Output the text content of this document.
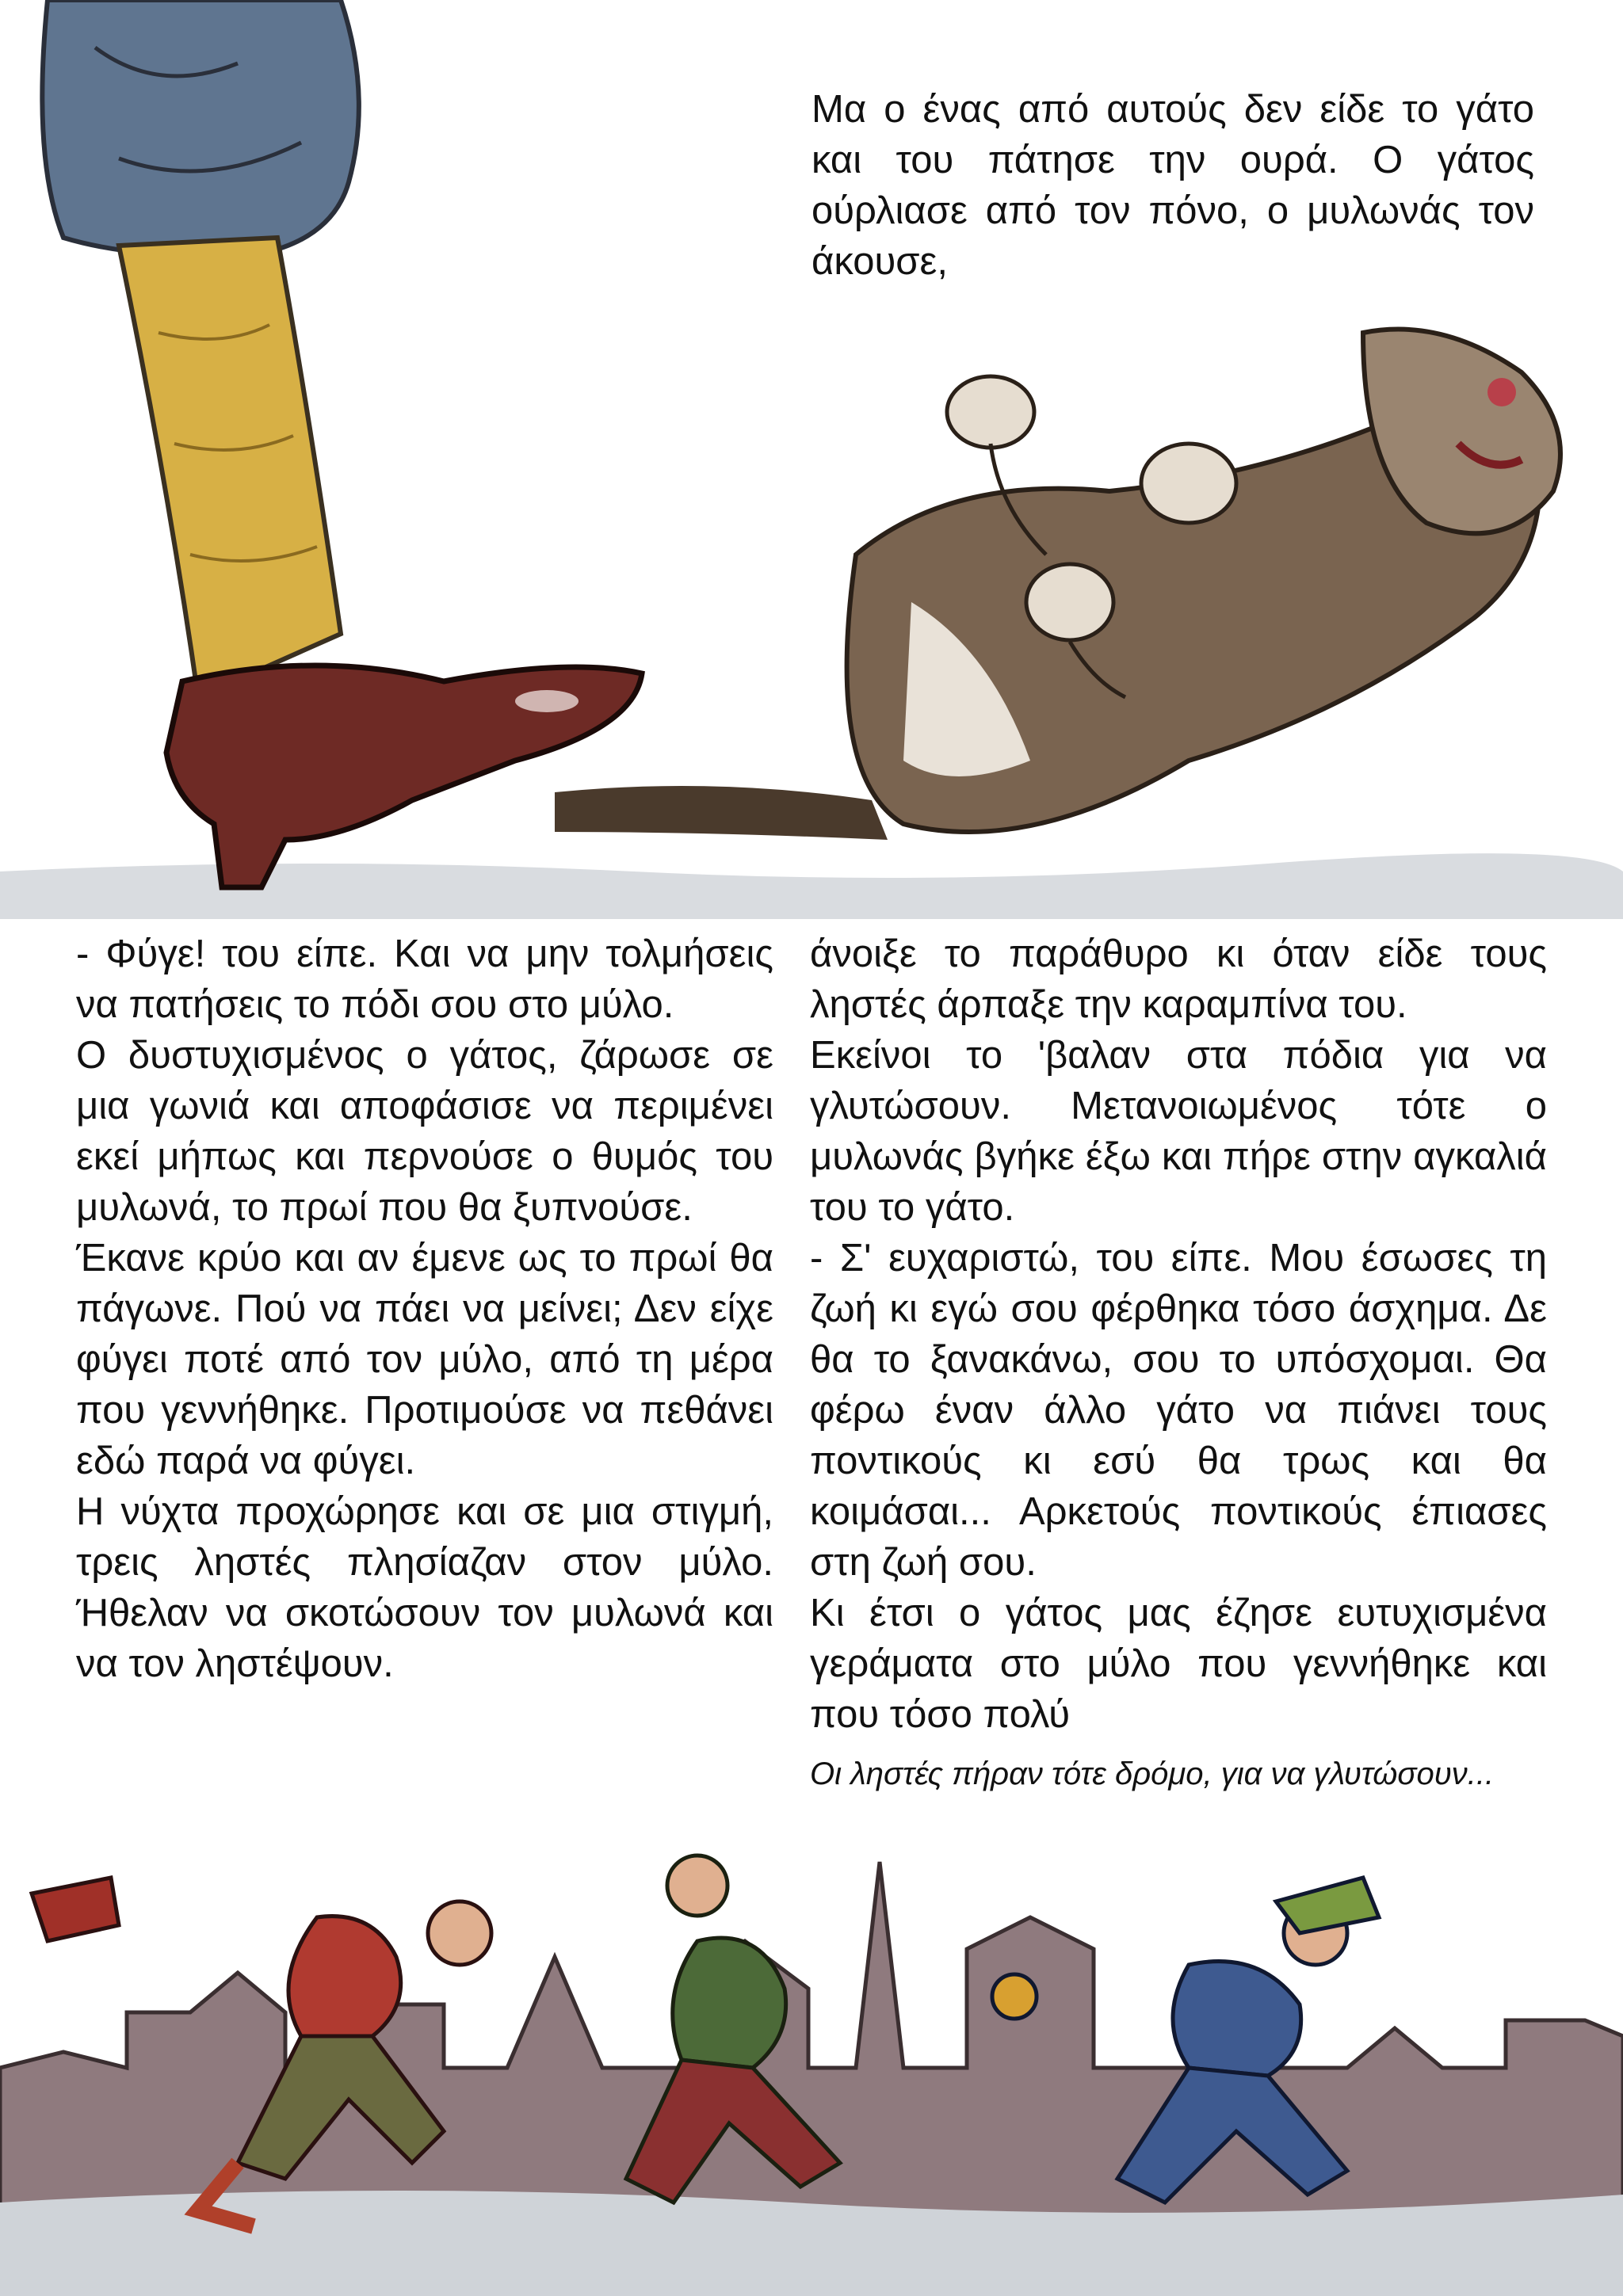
Μα ο ένας από αυτούς δεν είδε το γάτο και του πάτησε την ουρά. Ο γάτος ούρλιασε από τον πόνο, ο μυλωνάς τον άκουσε,

- Φύγε! του είπε. Και να μην τολμήσεις να πατήσεις το πόδι σου στο μύλο.

Ο δυστυχισμένος ο γάτος, ζάρωσε σε μια γωνιά και αποφάσισε να περιμένει εκεί μήπως και περνούσε ο θυμός του μυλωνά, το πρωί που θα ξυπνούσε.

Έκανε κρύο και αν έμενε ως το πρωί θα πάγωνε. Πού να πάει να μείνει; Δεν είχε φύγει ποτέ από τον μύλο, από τη μέρα που γεννήθηκε. Προτιμούσε να πεθάνει εδώ παρά να φύγει.

Η νύχτα προχώρησε και σε μια στιγμή, τρεις ληστές πλησίαζαν στον μύλο. Ήθελαν να σκοτώσουν τον μυλωνά και να τον ληστέψουν.

άνοιξε το παράθυρο κι όταν είδε τους ληστές άρπαξε την καραμπίνα του.

Εκείνοι το 'βαλαν στα πόδια για να γλυτώσουν. Μετανοιωμένος τότε ο μυλωνάς βγήκε έξω και πήρε στην αγκαλιά του το γάτο.

- Σ' ευχαριστώ, του είπε. Μου έσωσες τη ζωή κι εγώ σου φέρθηκα τόσο άσχημα. Δε θα το ξανακάνω, σου το υπόσχομαι. Θα φέρω έναν άλλο γάτο να πιάνει τους ποντικούς κι εσύ θα τρως και θα κοιμάσαι... Αρκετούς ποντικούς έπιασες στη ζωή σου.

Κι έτσι ο γάτος μας έζησε ευτυχισμένα γεράματα στο μύλο που γεννήθηκε και που τόσο πολύ

Οι ληστές πήραν τότε δρόμο, για να γλυτώσουν...
